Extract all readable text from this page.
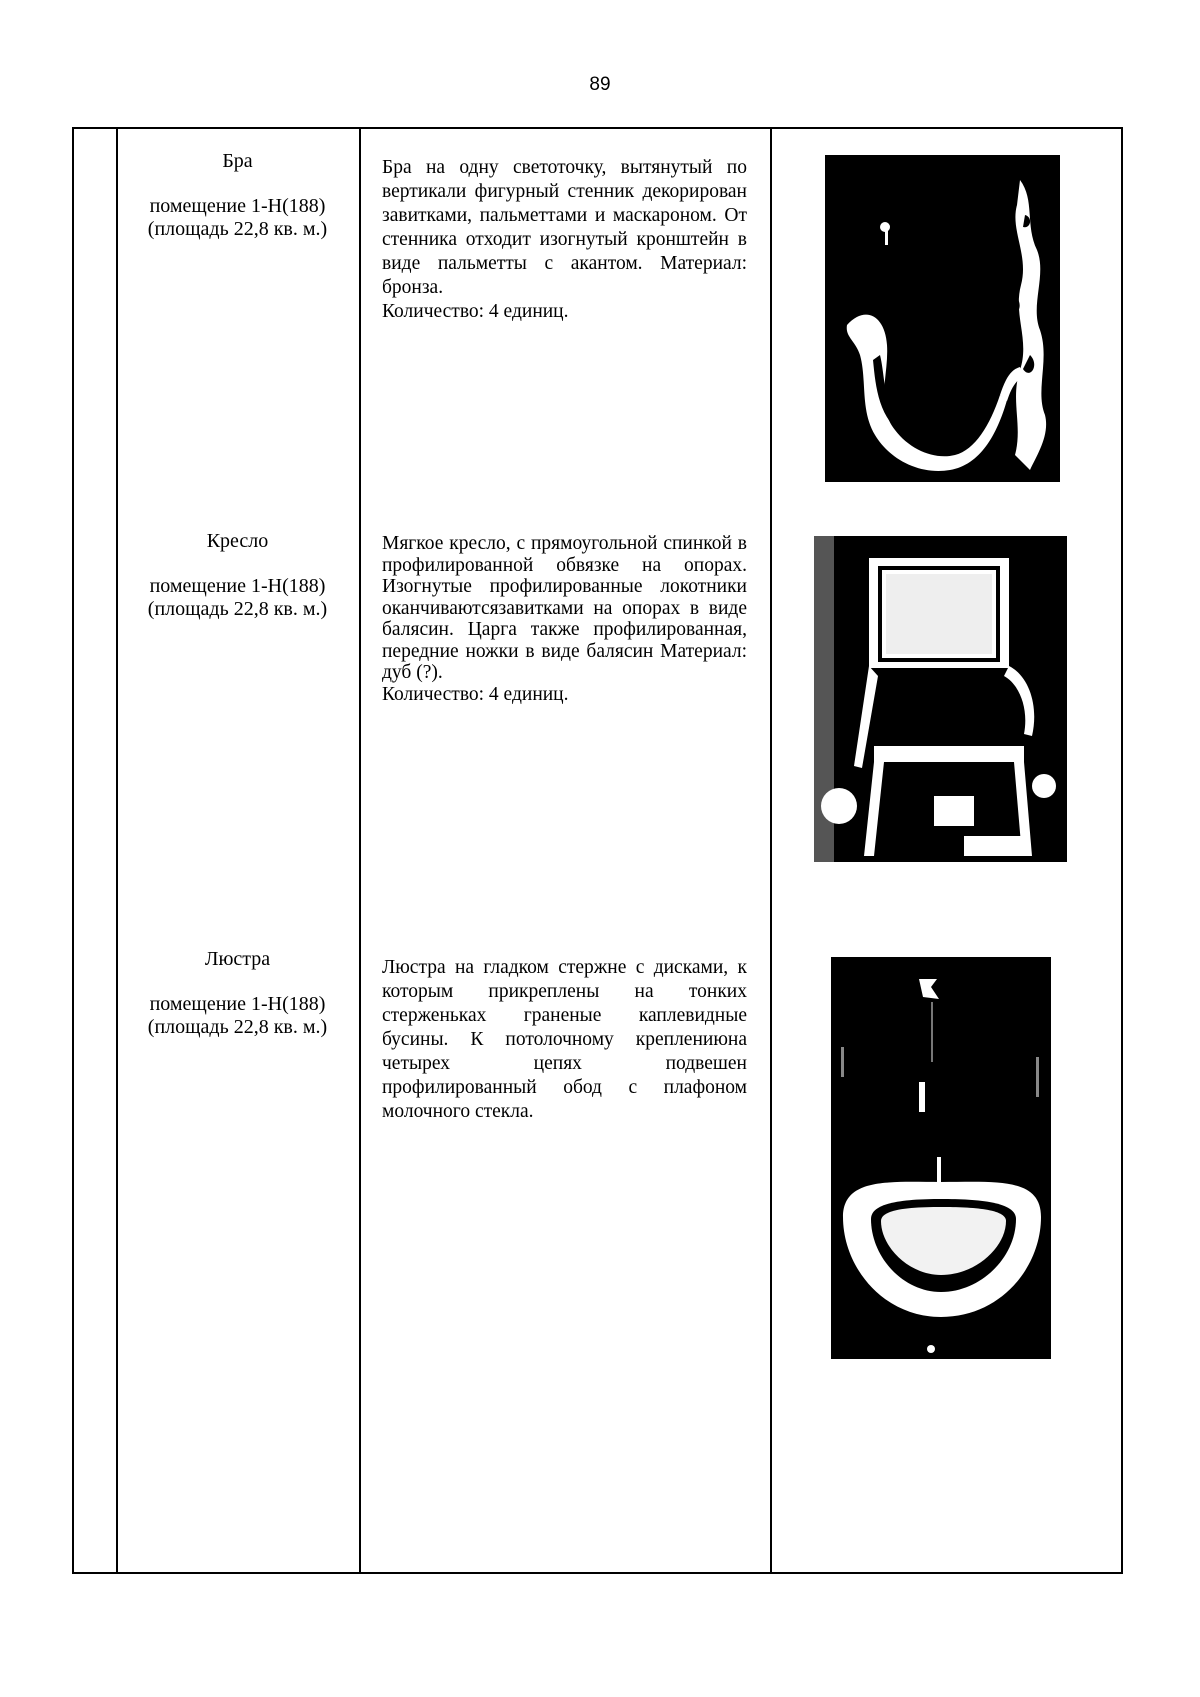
89
Бра
помещение 1-Н(188)
(площадь 22,8 кв. м.)
Бра на одну светоточку, вытянутый по вертикали фигурный стенник декорирован завитками, пальметтами и маскароном. От стенника отходит изогнутый кронштейн в виде пальметты с акантом. Материал: бронза.
Количество: 4 единиц.
Кресло
помещение 1-Н(188)
(площадь 22,8 кв. м.)
Мягкое кресло, с прямоугольной спинкой в профилированной обвязке на опорах. Изогнутые профилированные локотники оканчиваютсязавитками на опорах в виде балясин. Царга также профилированная, передние ножки в виде балясин Материал: дуб (?).
Количество: 4 единиц.
Люстра
помещение 1-Н(188)
(площадь 22,8 кв. м.)
Люстра на гладком стержне с дисками, к которым прикреплены на тонких стерженьках граненые каплевидные бусины. К потолочному креплениюна четырех цепях подвешен профилированный обод с плафоном молочного стекла.
